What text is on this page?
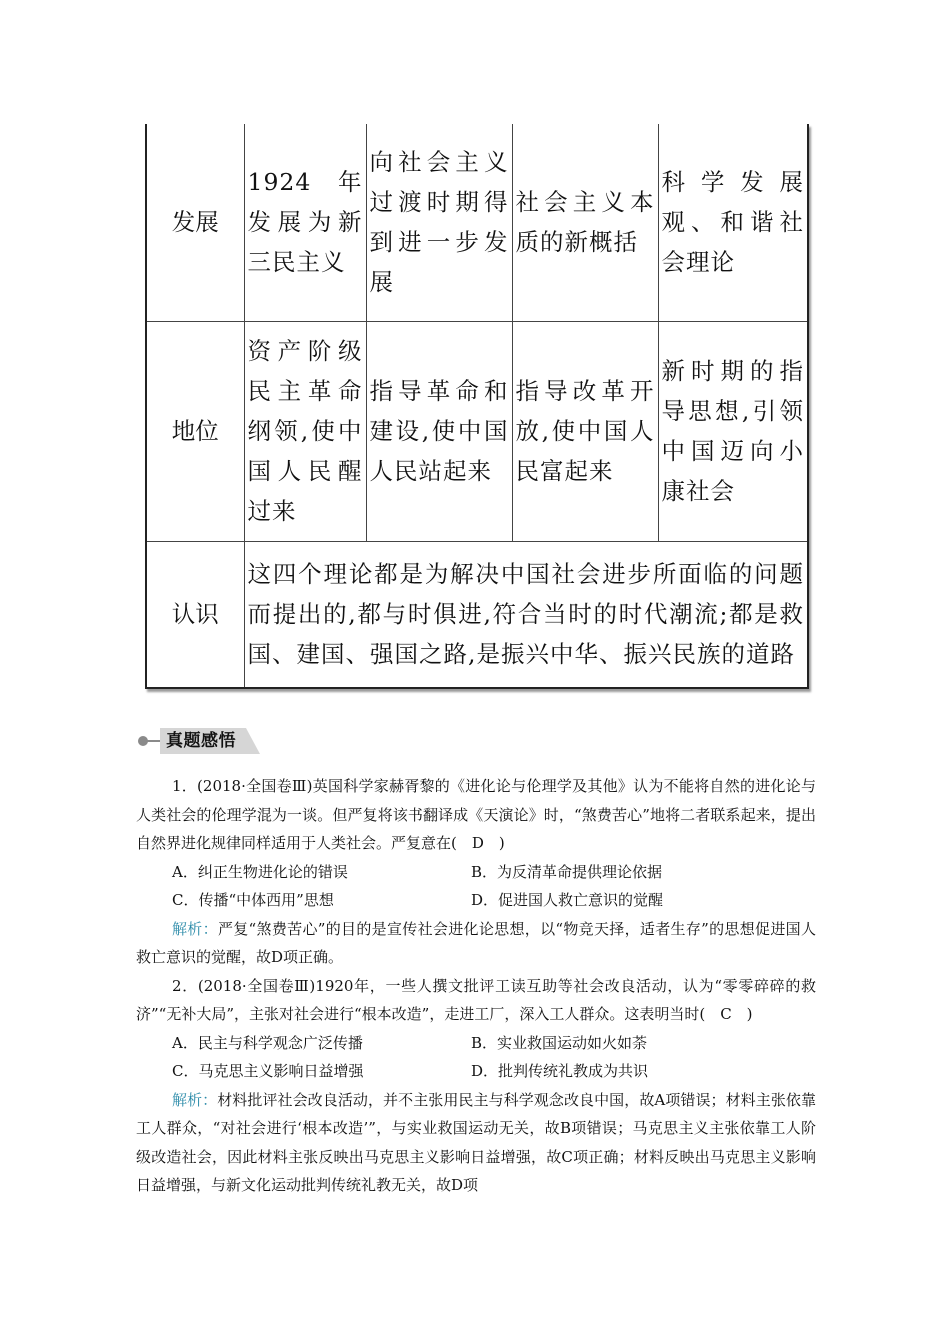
发展	1924 年发展为新三民主义	向社会主义过渡时期得到进一步发展	社会主义本质的新概括	科学发展观、和谐社会理论
地位	资产阶级民主革命纲领,使中国人民醒过来	指导革命和建设,使中国人民站起来	指导改革开放,使中国人民富起来	新时期的指导思想,引领中国迈向小康社会
认识	这四个理论都是为解决中国社会进步所面临的问题而提出的,都与时俱进,符合当时的时代潮流;都是救国、建国、强国之路,是振兴中华、振兴民族的道路			
真题感悟

1．(2018·全国卷Ⅲ)英国科学家赫胥黎的《进化论与伦理学及其他》认为不能将自然的进化论与人类社会的伦理学混为一谈。但严复将该书翻译成《天演论》时，“煞费苦心”地将二者联系起来，提出自然界进化规律同样适用于人类社会。严复意在(　D　)

A．纠正生物进化论的错误	B．为反清革命提供理论依据
C．传播“中体西用”思想	D．促进国人救亡意识的觉醒

解析：严复“煞费苦心”的目的是宣传社会进化论思想，以“物竞天择，适者生存”的思想促进国人救亡意识的觉醒，故D项正确。

2．(2018·全国卷Ⅲ)1920年，一些人撰文批评工读互助等社会改良活动，认为“零零碎碎的救济”“无补大局”，主张对社会进行“根本改造”，走进工厂，深入工人群众。这表明当时(　C　)

A．民主与科学观念广泛传播	B．实业救国运动如火如荼
C．马克思主义影响日益增强	D．批判传统礼教成为共识

解析：材料批评社会改良活动，并不主张用民主与科学观念改良中国，故A项错误；材料主张依靠工人群众，“对社会进行‘根本改造’”，与实业救国运动无关，故B项错误；马克思主义主张依靠工人阶级改造社会，因此材料主张反映出马克思主义影响日益增强，故C项正确；材料反映出马克思主义影响日益增强，与新文化运动批判传统礼教无关，故D项
